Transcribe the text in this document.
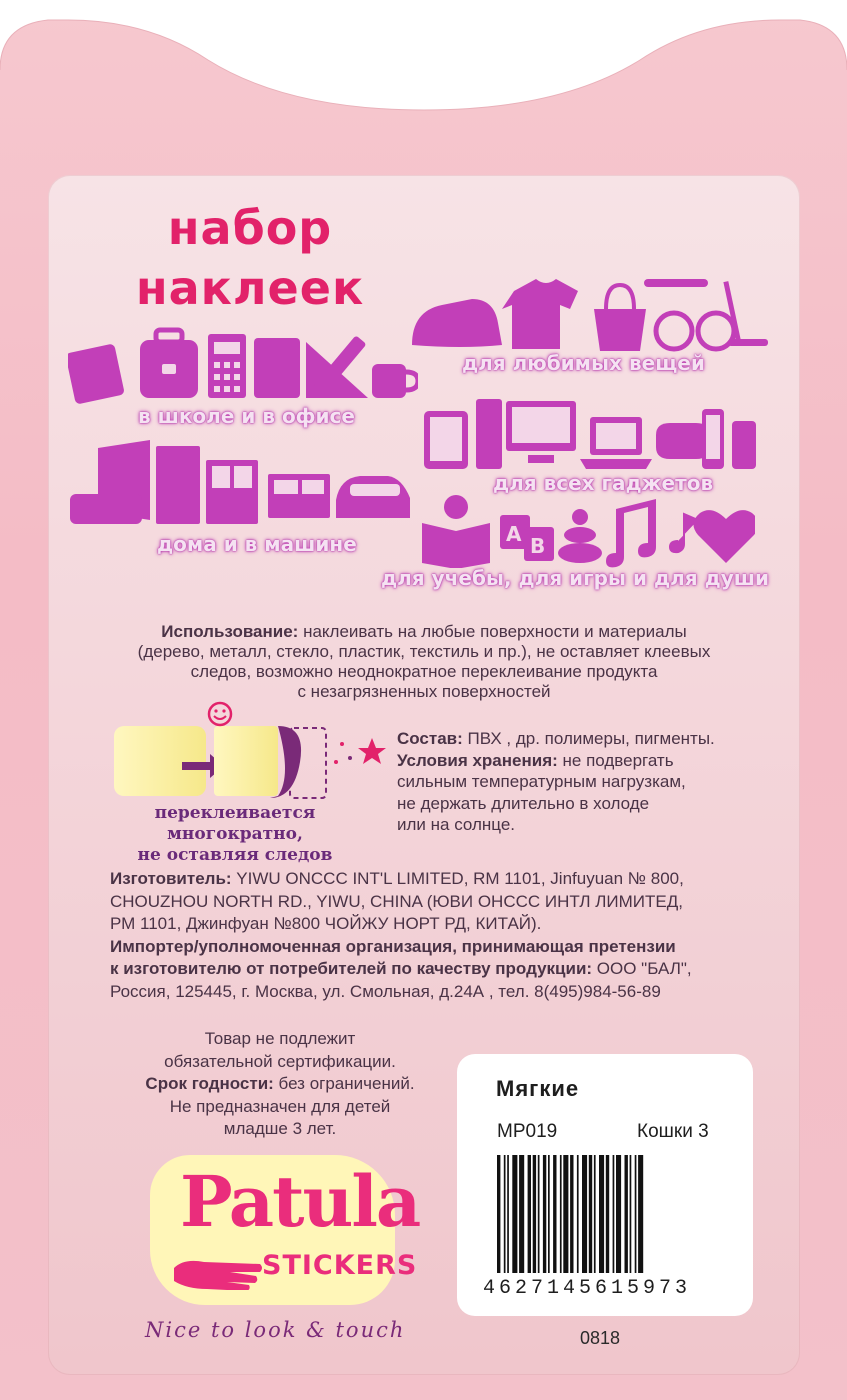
набор
наклеек
в школе и в офисе
дома и в машине
для любимых вещей
для всех гаджетов
A B
для учебы, для игры и для души
Использование: наклеивать на любые поверхности и материалы
(дерево, металл, стекло, пластик, текстиль и пр.), не оставляет клеевых
следов, возможно неоднократное переклеивание продукта
с незагрязненных поверхностей
переклеивается многократно,
не оставляя следов
Состав: ПВХ , др. полимеры, пигменты.
Условия хранения: не подвергать
сильным температурным нагрузкам,
не держать длительно в холоде
или на солнце.
Изготовитель: YIWU ONCCC INT'L LIMITED, RM 1101, Jinfuyuan № 800,
CHOUZHOU NORTH RD., YIWU, CHINA (ЮВИ ОНССС ИНТЛ ЛИМИТЕД,
РМ 1101, Джинфуан №800 ЧОЙЖУ НОРТ РД, КИТАЙ).
Импортер/уполномоченная организация, принимающая претензии
к изготовителю от потребителей по качеству продукции: ООО "БАЛ",
Россия, 125445, г. Москва, ул. Смольная, д.24А , тел. 8(495)984-56-89
Товар не подлежит
обязательной сертификации.
Срок годности: без ограничений.
Не предназначен для детей
младше 3 лет.
Patula
STICKERS
Nice to look & touch
Мягкие
MP019	Кошки 3
4627145615973
0818
